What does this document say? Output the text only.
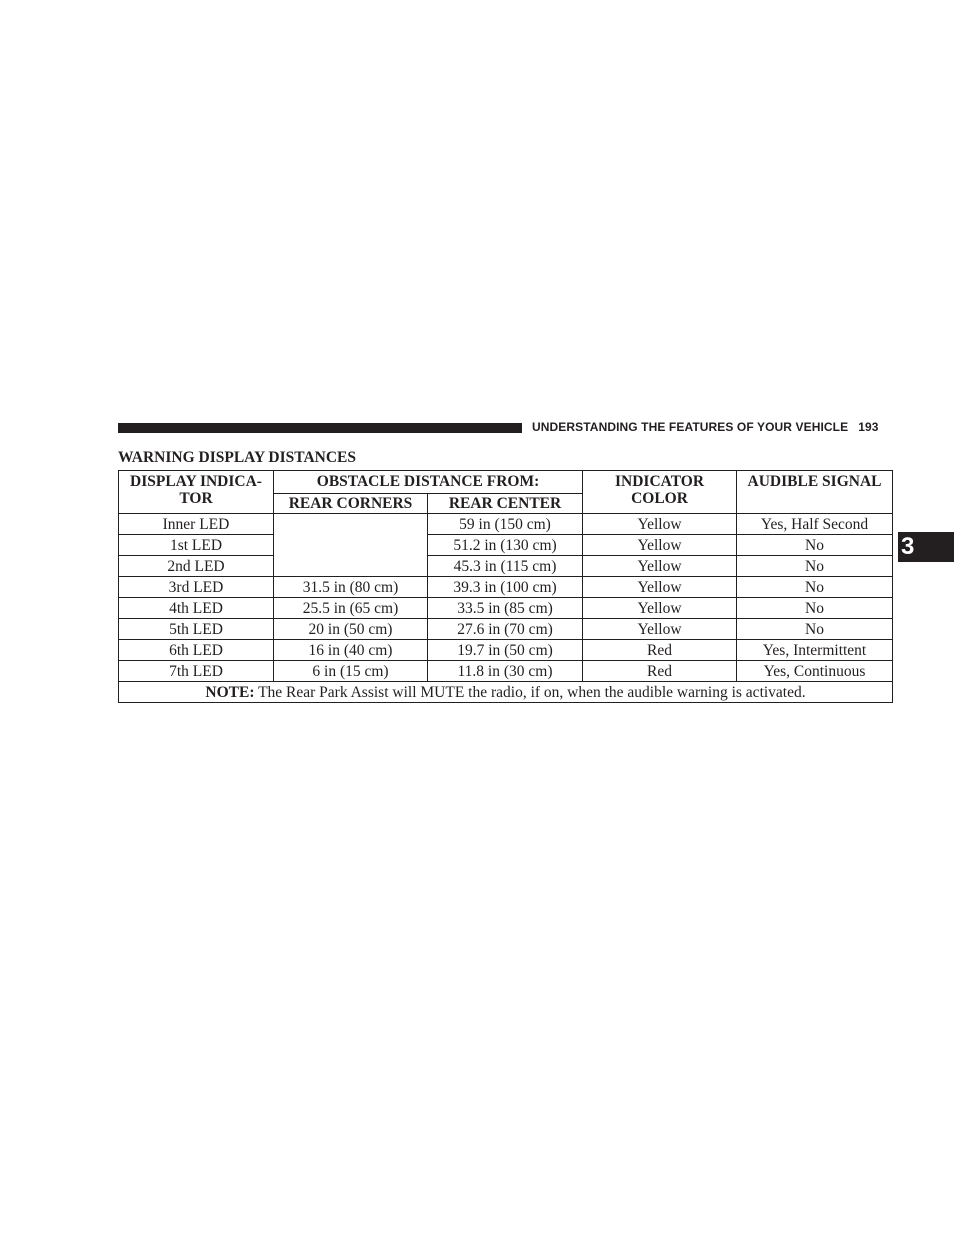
UNDERSTANDING THE FEATURES OF YOUR VEHICLE 193
3
WARNING DISPLAY DISTANCES
DISPLAY INDICA-
TOR	OBSTACLE DISTANCE FROM:		INDICATOR COLOR	AUDIBLE SIGNAL
	REAR CORNERS	REAR CENTER		
Inner LED		59 in (150 cm)	Yellow	Yes, Half Second
1st LED		51.2 in (130 cm)	Yellow	No
2nd LED		45.3 in (115 cm)	Yellow	No
3rd LED	31.5 in (80 cm)	39.3 in (100 cm)	Yellow	No
4th LED	25.5 in (65 cm)	33.5 in (85 cm)	Yellow	No
5th LED	20 in (50 cm)	27.6 in (70 cm)	Yellow	No
6th LED	16 in (40 cm)	19.7 in (50 cm)	Red	Yes, Intermittent
7th LED	6 in (15 cm)	11.8 in (30 cm)	Red	Yes, Continuous
NOTE: The Rear Park Assist will MUTE the radio, if on, when the audible warning is activated.				
